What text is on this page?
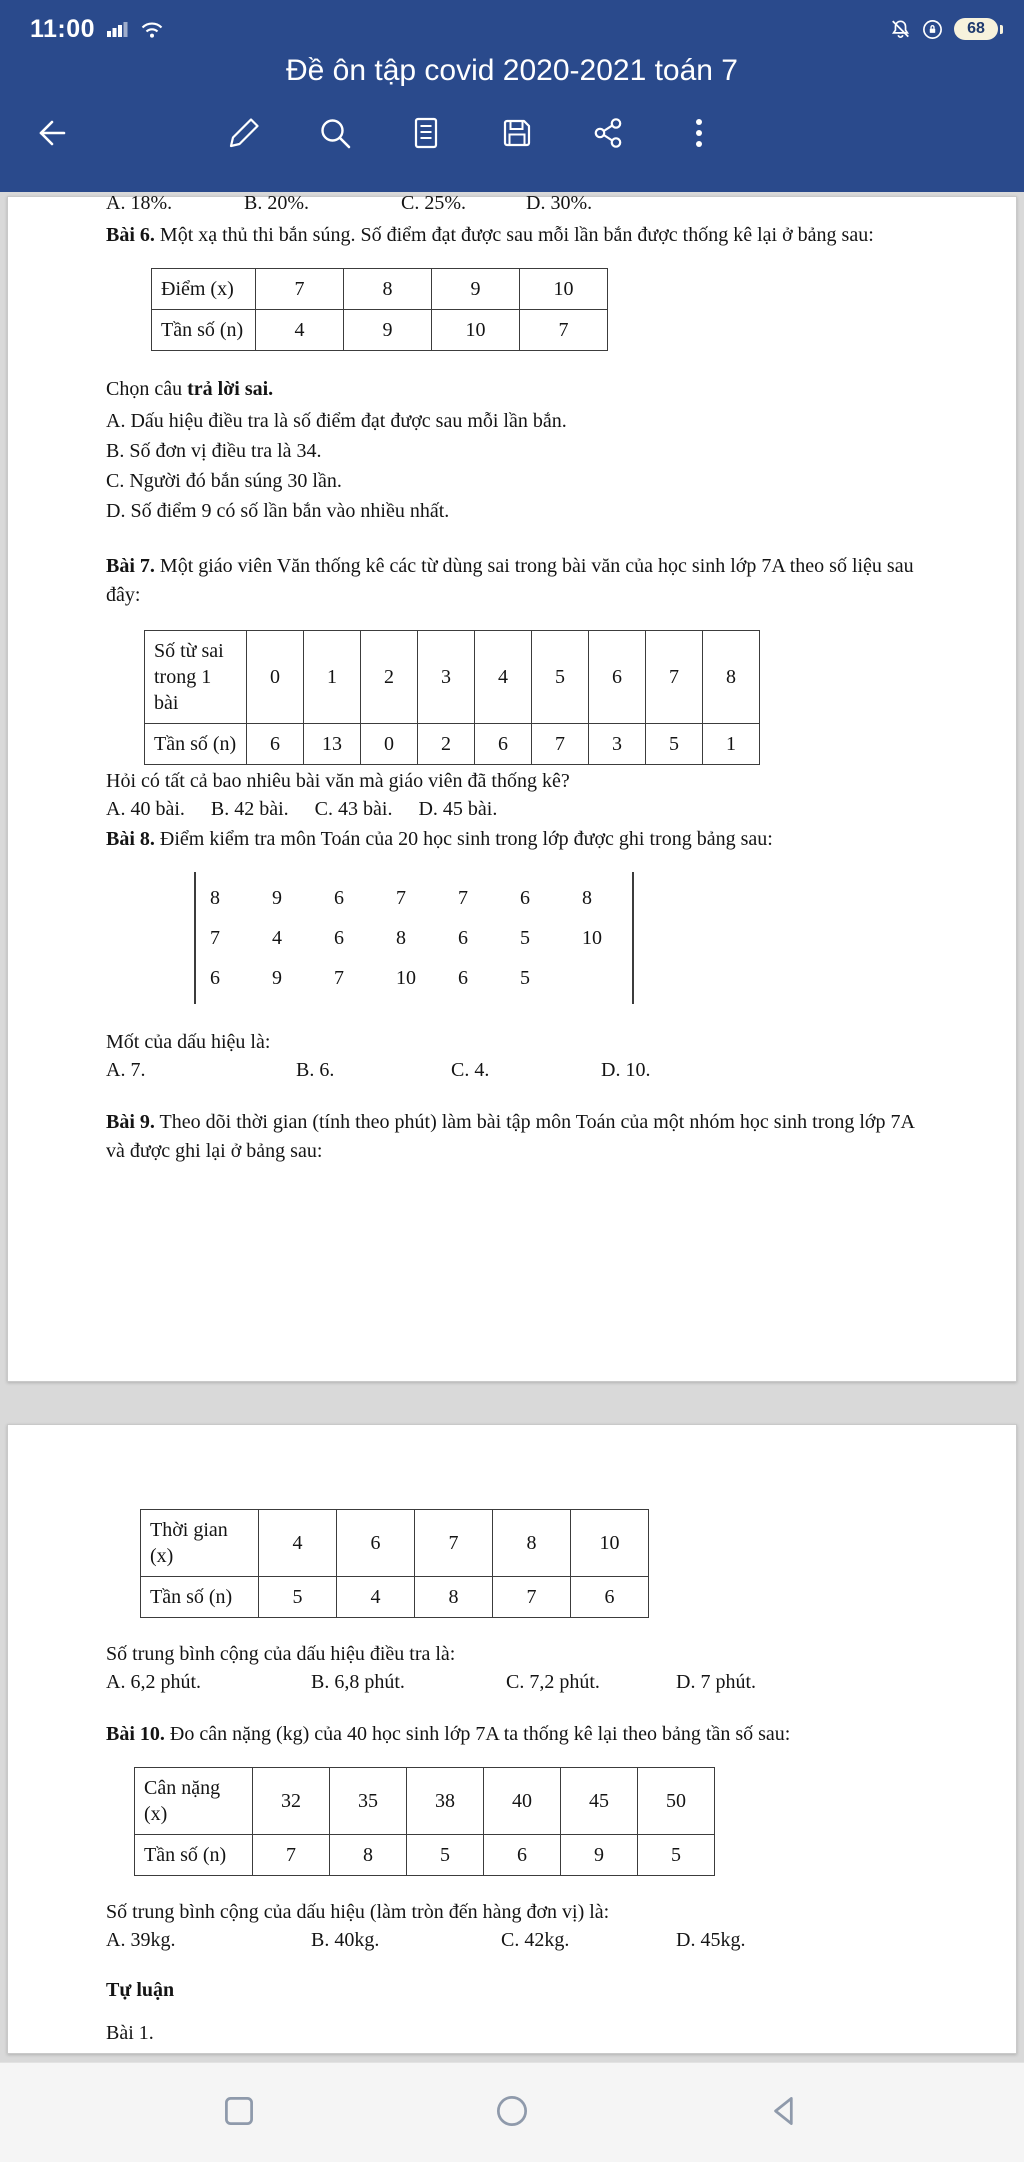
11:00	68
Đề ôn tập covid 2020-2021 toán 7
A. 18%.	B. 20%.	C. 25%.	D. 30%.

Bài 6. Một xạ thủ thi bắn súng. Số điểm đạt được sau mỗi lần bắn được thống kê lại ở bảng sau:

Điểm (x)	7	8	9	10
Tần số (n)	4	9	10	7

Chọn câu trả lời sai.

A. Dấu hiệu điều tra là số điểm đạt được sau mỗi lần bắn.
B. Số đơn vị điều tra là 34.
C. Người đó bắn súng 30 lần.
D. Số điểm 9 có số lần bắn vào nhiều nhất.

Bài 7. Một giáo viên Văn thống kê các từ dùng sai trong bài văn của học sinh lớp 7A theo số liệu sau đây:

Số từ sai trong 1 bài	0	1	2	3	4	5	6	7	8
Tần số (n)	6	13	0	2	6	7	3	5	1

Hỏi có tất cả bao nhiêu bài văn mà giáo viên đã thống kê?

A. 40 bài. B. 42 bài. C. 43 bài. D. 45 bài.

Bài 8. Điểm kiểm tra môn Toán của 20 học sinh trong lớp được ghi trong bảng sau:

8	9	6	7	7	6	8
7	4	6	8	6	5	10
6	9	7	10	6	5

Mốt của dấu hiệu là:

A. 7.	B. 6.	C. 4.	D. 10.

Bài 9. Theo dõi thời gian (tính theo phút) làm bài tập môn Toán của một nhóm học sinh trong lớp 7A và được ghi lại ở bảng sau:

Thời gian (x)	4	6	7	8	10
Tần số (n)	5	4	8	7	6

Số trung bình cộng của dấu hiệu điều tra là:

A. 6,2 phút.	B. 6,8 phút.	C. 7,2 phút.	D. 7 phút.

Bài 10. Đo cân nặng (kg) của 40 học sinh lớp 7A ta thống kê lại theo bảng tần số sau:

Cân nặng (x)	32	35	38	40	45	50
Tần số (n)	7	8	5	6	9	5

Số trung bình cộng của dấu hiệu (làm tròn đến hàng đơn vị) là:

A. 39kg.	B. 40kg.	C. 42kg.	D. 45kg.

Tự luận

Bài 1.
